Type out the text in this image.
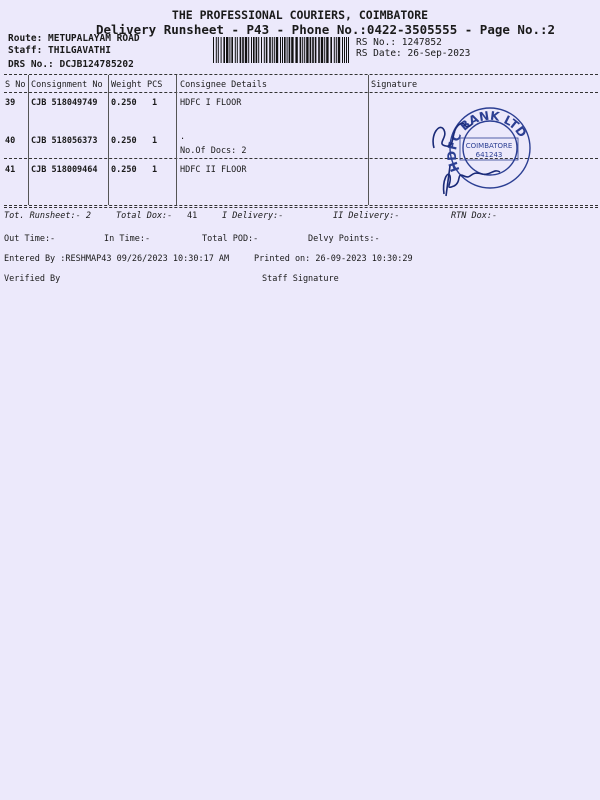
THE PROFESSIONAL COURIERS, COIMBATORE
Delivery Runsheet - P43 - Phone No.:0422-3505555 - Page No.:2
Route: METUPALAYAM ROAD
Staff: THILGAVATHI
DRS No.: DCJB124785202
RS No.: 1247852
RS Date: 26-Sep-2023
S No Consignment No Weight PCS Consignee Details	Signature
39 CJB 518049749 0.250 1	HDFC I FLOOR
40 CJB 518056373 0.250 1	.
No.Of Docs: 2
41 CJB 518009464 0.250 1	HDFC II FLOOR	HDFC BANK LTD
COIMBATORE
641243
Tot. Runsheet:- 2	Total Dox:- 41	I Delivery:-	II Delivery:-	RTN Dox:-
Out Time:-	In Time:-	Total POD:-	Delvy Points:-
Entered By :RESHMAP43 09/26/2023 10:30:17 AM	Printed on: 26-09-2023 10:30:29
Verified By	Staff Signature
